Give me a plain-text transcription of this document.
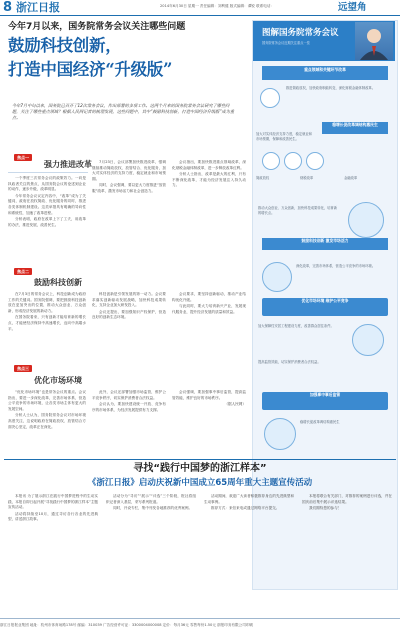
8 浙江日报	2014年6月30日 星期一 责任编辑：刘利健 版式编辑：谭锐 联系电话：	远望角
今年7月以来，国务院常务会议关注哪些问题
鼓励科技创新，
打造中国经济“升级版”
今年7月中旬以来，国务院已召开了12次常务会议，作出部署的多项工作。这两个月来的国务院常务会议研究了哪些问题，关注了哪些重点领域？根据人民网记者的梳理发现，这些问题中，其中“鼓励科技创新，打造中国经济升级版”成为重点。
焦点一
强力推进改革
焦点二
鼓励科技创新
焦点三
优化市场环境

一个季度三次常务会议的政策效力。一向是执政者关注的焦点，从国务院会议的论述到企业的动作，逐步升级，改革明显。

今年常务会议议定内容中，“改革”成为了关键词，政府在放权简政、优化服务的同时，推进各类体制机制建设。这类举措具有明确的导向性和系统性，加速了改革进程。

分析表明，政府在改革上下了工夫，用改革的办法，推进发展，改善民生。

在7月3日的常务会议上，科技创新成为政府工作的关键词。国务院强调，要把鼓励科技创新放在更加突出的位置，推动大众创业、万众创新，形成经济发展的新动力。

在国务院看来，只有创新才能培育新的增长点，才能使经济保持中高速增长，迈向中高端水平。

“优化市场环境”也是常务会议的重点。会议指出，要进一步深化改革，完善市场体系，营造公平竞争的市场环境，让各类市场主体有更大的发展空间。

分析人士认为，国务院常务会议对市场环境高度关注，这说明政府在简政放权、放管结合方面决心坚定，改革正在深化。

7月23日，会议部署加快推进改革，强调继续推动简政放权、放管结合、优化服务，加大对实体经济的支持力度，稳定就业和市场预期。

同时，会议强调，要以更大力度推进“放管服”改革，激发市场活力和社会创造力。

科技创新是引领发展的第一动力。会议要求落实创新驱动发展战略，加快科技成果转化，支持企业加大研发投入。

会议还提出，要加强知识产权保护，营造良好的创新生态环境。

此外，会议还部署加强市场监管，维护公平竞争秩序，切实保护消费者合法权益。

会议认为，要加快建设统一开放、竞争有序的市场体系，为经济发展提供有力支撑。

会议指出，要加快推进重点领域改革，深化财税金融体制改革，进一步释放改革红利。

分析人士指出，改革是最大的红利，只有不断深化改革，才能为经济发展注入持久动力。

会议要求，要坚持创新驱动，推动产业结构优化升级。

与此同时，要大力培育新兴产业，发展现代服务业，提升经济发展的质量和效益。

会议强调，要加强事中事后监管，提高监管效能，维护良好的市场秩序。

（据人民网）

图解国务院常务会议
国务院常务会议近期关注重点一览
重点领域和关键环节改革
推进简政放权，加快政府职能转变，深化财税金融体制改革。
加大对实体经济支持力度，稳定就业和市场预期，保障和改善民生。
稳增长促改革调结构惠民生
简政放权	财税改革	金融改革
推动大众创业、万众创新，加快科技成果转化，培育新的增长点。
鼓励科技创新 激发市场活力
深化改革，完善市场体系，营造公平竞争的市场环境。
优化市场环境 维护公平竞争
加大保障性安居工程建设力度，改善群众居住条件。
提高监管效能，切实保护消费者合法权益。
加强事中事后监管
稳增长促改革调结构惠民生
寻找“践行中国梦的浙江样本”
《浙江日报》启动庆祝新中国成立65周年重大主题宣传活动

本报讯 为了展示浙江在践行中国梦进程中的生动实践，本报自即日起开展“寻找践行中国梦的浙江样本”主题宣传活动。

活动将持续至10月，通过寻访各行各业的先进典型，讲述浙江故事。

活动分为“寻访”“展示”“评选”三个阶段，报社将组织记者深入基层，采写系列报道。

同时，开设专栏，集中刊发各地推荐的优秀案例。

活动期间，欢迎广大读者积极推荐身边的先进典型和生动事例。

推荐方式：来信来电或通过网络平台提交。

本报将联合有关部门，对推荐的案例进行评选，并在国庆前后集中展示评选结果。

我们期待您的参与！

浙江日报报业集团 地址：杭州市体育场路178号 邮编：310039 广告经营许可证：3300004000008 定价：每月36元 零售每份1.50元 浙报印务有限公司印刷
